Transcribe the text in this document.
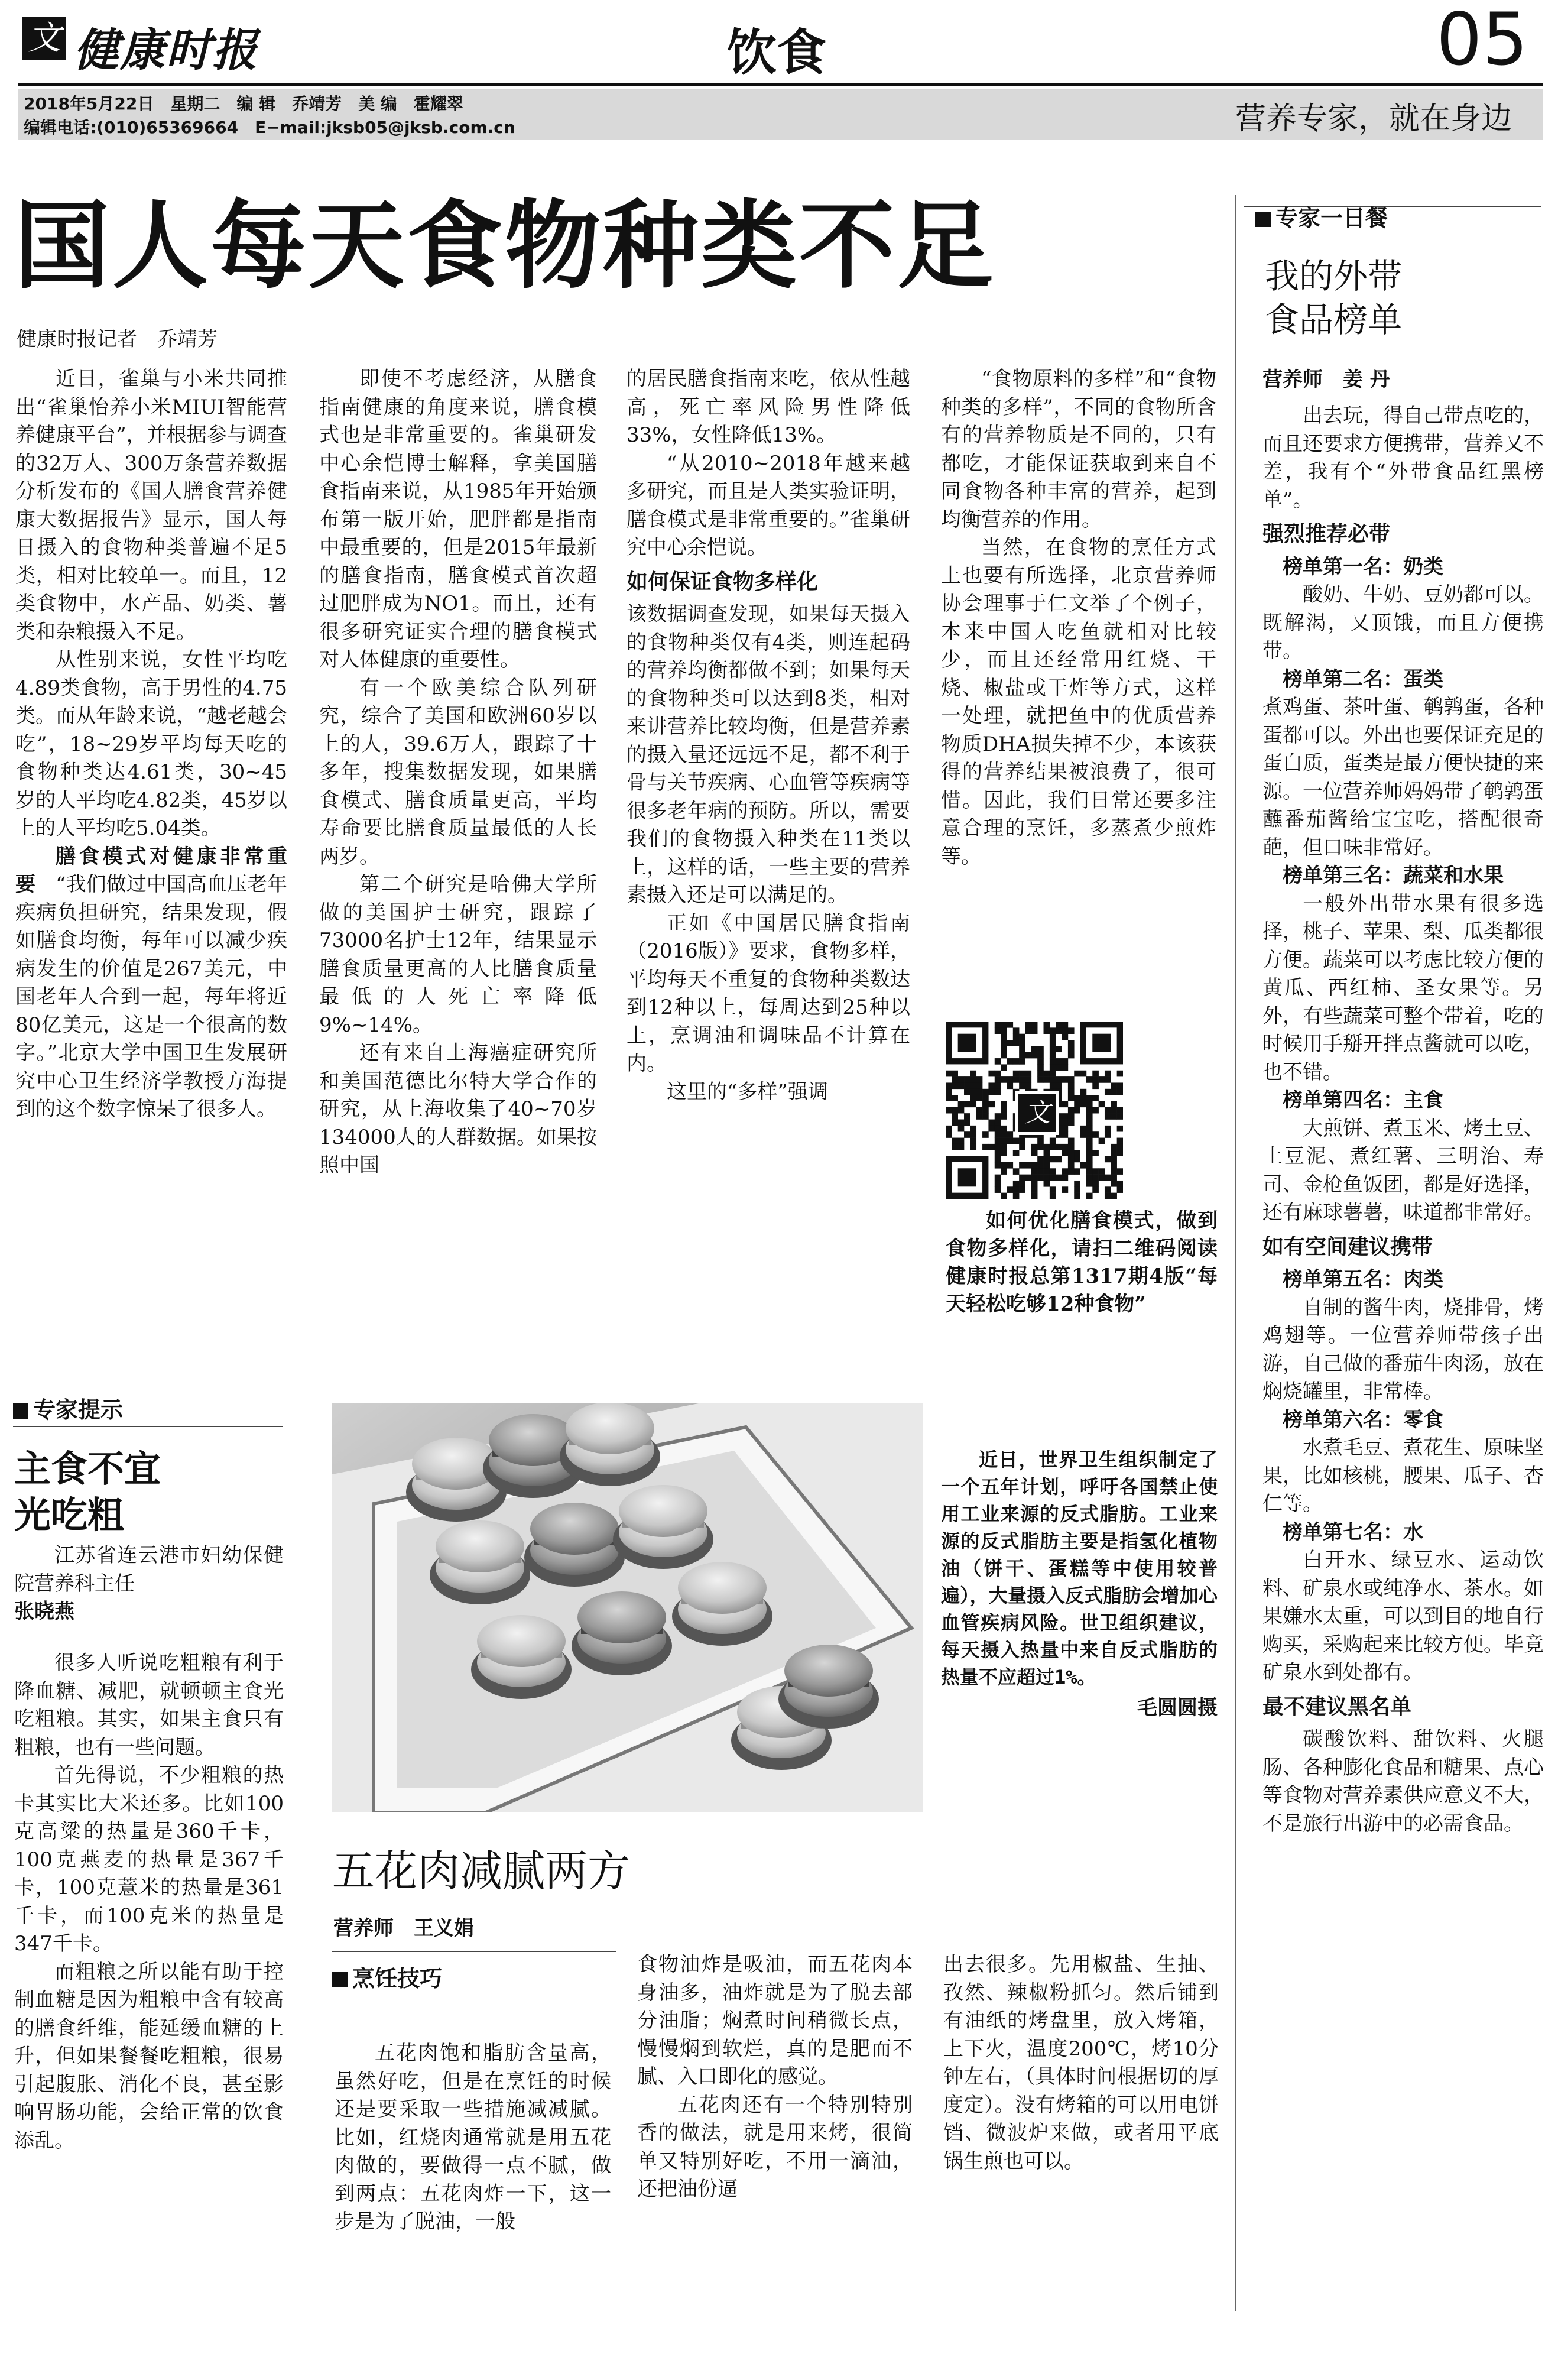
文 健康时报	饮食	05
2018年5月22日　星期二　编 辑　乔靖芳　美 编　霍耀翠
编辑电话:(010)65369664　E−mail:jksb05@jksb.com.cn	营养专家，就在身边
国人每天食物种类不足
健康时报记者　乔靖芳

近日，雀巢与小米共同推出“雀巢怡养小米MIUI智能营养健康平台”，并根据参与调查的32万人、300万条营养数据分析发布的《国人膳食营养健康大数据报告》显示，国人每日摄入的食物种类普遍不足5类，相对比较单一。而且，12类食物中，水产品、奶类、薯类和杂粮摄入不足。

从性别来说，女性平均吃4.89类食物，高于男性的4.75类。而从年龄来说，“越老越会吃”，18~29岁平均每天吃的食物种类达4.61类，30~45岁的人平均吃4.82类，45岁以上的人平均吃5.04类。

膳食模式对健康非常重要　“我们做过中国高血压老年疾病负担研究，结果发现，假如膳食均衡，每年可以减少疾病发生的价值是267美元，中国老年人合到一起，每年将近80亿美元，这是一个很高的数字。”北京大学中国卫生发展研究中心卫生经济学教授方海提到的这个数字惊呆了很多人。

即使不考虑经济，从膳食指南健康的角度来说，膳食模式也是非常重要的。雀巢研发中心余恺博士解释，拿美国膳食指南来说，从1985年开始颁布第一版开始，肥胖都是指南中最重要的，但是2015年最新的膳食指南，膳食模式首次超过肥胖成为NO1。而且，还有很多研究证实合理的膳食模式对人体健康的重要性。

有一个欧美综合队列研究，综合了美国和欧洲60岁以上的人，39.6万人，跟踪了十多年，搜集数据发现，如果膳食模式、膳食质量更高，平均寿命要比膳食质量最低的人长两岁。

第二个研究是哈佛大学所做的美国护士研究，跟踪了73000名护士12年，结果显示膳食质量更高的人比膳食质量最低的人死亡率降低9%~14%。

还有来自上海癌症研究所和美国范德比尔特大学合作的研究，从上海收集了40~70岁134000人的人群数据。如果按照中国

的居民膳食指南来吃，依从性越高，死亡率风险男性降低33%，女性降低13%。

“从2010~2018年越来越多研究，而且是人类实验证明，膳食模式是非常重要的。”雀巢研究中心余恺说。

如何保证食物多样化

该数据调查发现，如果每天摄入的食物种类仅有4类，则连起码的营养均衡都做不到；如果每天的食物种类可以达到8类，相对来讲营养比较均衡，但是营养素的摄入量还远远不足，都不利于骨与关节疾病、心血管等疾病等很多老年病的预防。所以，需要我们的食物摄入种类在11类以上，这样的话，一些主要的营养素摄入还是可以满足的。

正如《中国居民膳食指南（2016版）》要求，食物多样，平均每天不重复的食物种类数达到12种以上，每周达到25种以上，烹调油和调味品不计算在内。

这里的“多样”强调

“食物原料的多样”和“食物种类的多样”，不同的食物所含有的营养物质是不同的，只有都吃，才能保证获取到来自不同食物各种丰富的营养，起到均衡营养的作用。

当然，在食物的烹任方式上也要有所选择，北京营养师协会理事于仁文举了个例子，本来中国人吃鱼就相对比较少，而且还经常用红烧、干烧、椒盐或干炸等方式，这样一处理，就把鱼中的优质营养物质DHA损失掉不少，本该获得的营养结果被浪费了，很可惜。因此，我们日常还要多注意合理的烹饪，多蒸煮少煎炸等。

文
如何优化膳食模式，做到食物多样化，请扫二维码阅读健康时报总第1317期4版“每天轻松吃够12种食物”
专家一日餐
我的外带
食品榜单
营养师　姜 丹

出去玩，得自己带点吃的，而且还要求方便携带，营养又不差，我有个“外带食品红黑榜单”。

强烈推荐必带

榜单第一名：奶类

酸奶、牛奶、豆奶都可以。既解渴，又顶饿，而且方便携带。

榜单第二名：蛋类

煮鸡蛋、茶叶蛋、鹌鹑蛋，各种蛋都可以。外出也要保证充足的蛋白质，蛋类是最方便快捷的来源。一位营养师妈妈带了鹌鹑蛋蘸番茄酱给宝宝吃，搭配很奇葩，但口味非常好。

榜单第三名：蔬菜和水果

一般外出带水果有很多选择，桃子、苹果、梨、瓜类都很方便。蔬菜可以考虑比较方便的黄瓜、西红柿、圣女果等。另外，有些蔬菜可整个带着，吃的时候用手掰开拌点酱就可以吃，也不错。

榜单第四名：主食

大煎饼、煮玉米、烤土豆、土豆泥、煮红薯、三明治、寿司、金枪鱼饭团，都是好选择，还有麻球薯薯，味道都非常好。

如有空间建议携带

榜单第五名：肉类

自制的酱牛肉，烧排骨，烤鸡翅等。一位营养师带孩子出游，自己做的番茄牛肉汤，放在焖烧罐里，非常棒。

榜单第六名：零食

水煮毛豆、煮花生、原味坚果，比如核桃，腰果、瓜子、杏仁等。

榜单第七名：水

白开水、绿豆水、运动饮料、矿泉水或纯净水、茶水。如果嫌水太重，可以到目的地自行购买，采购起来比较方便。毕竟矿泉水到处都有。

最不建议黑名单

碳酸饮料、甜饮料、火腿肠、各种膨化食品和糖果、点心等食物对营养素供应意义不大，不是旅行出游中的必需食品。

专家提示
主食不宜
光吃粗

江苏省连云港市妇幼保健院营养科主任

张晓燕

很多人听说吃粗粮有利于降血糖、减肥，就顿顿主食光吃粗粮。其实，如果主食只有粗粮，也有一些问题。

首先得说，不少粗粮的热卡其实比大米还多。比如100克高粱的热量是360千卡，100克燕麦的热量是367千卡，100克薏米的热量是361千卡，而100克米的热量是347千卡。

而粗粮之所以能有助于控制血糖是因为粗粮中含有较高的膳食纤维，能延缓血糖的上升，但如果餐餐吃粗粮，很易引起腹胀、消化不良，甚至影响胃肠功能，会给正常的饮食添乱。

近日，世界卫生组织制定了一个五年计划，呼吁各国禁止使用工业来源的反式脂肪。工业来源的反式脂肪主要是指氢化植物油（饼干、蛋糕等中使用较普遍），大量摄入反式脂肪会增加心血管疾病风险。世卫组织建议，每天摄入热量中来自反式脂肪的热量不应超过1%。
毛圆圆摄
五花肉减腻两方
营养师　王义娟
烹饪技巧

五花肉饱和脂肪含量高，虽然好吃，但是在烹饪的时候还是要采取一些措施减减腻。比如，红烧肉通常就是用五花肉做的，要做得一点不腻，做到两点：五花肉炸一下，这一步是为了脱油，一般

食物油炸是吸油，而五花肉本身油多，油炸就是为了脱去部分油脂；焖煮时间稍微长点，慢慢焖到软烂，真的是肥而不腻、入口即化的感觉。

五花肉还有一个特别特别香的做法，就是用来烤，很简单又特别好吃，不用一滴油，还把油份逼

出去很多。先用椒盐、生抽、孜然、辣椒粉抓匀。然后铺到有油纸的烤盘里，放入烤箱，上下火，温度200℃，烤10分钟左右，（具体时间根据切的厚度定）。没有烤箱的可以用电饼铛、微波炉来做，或者用平底锅生煎也可以。
